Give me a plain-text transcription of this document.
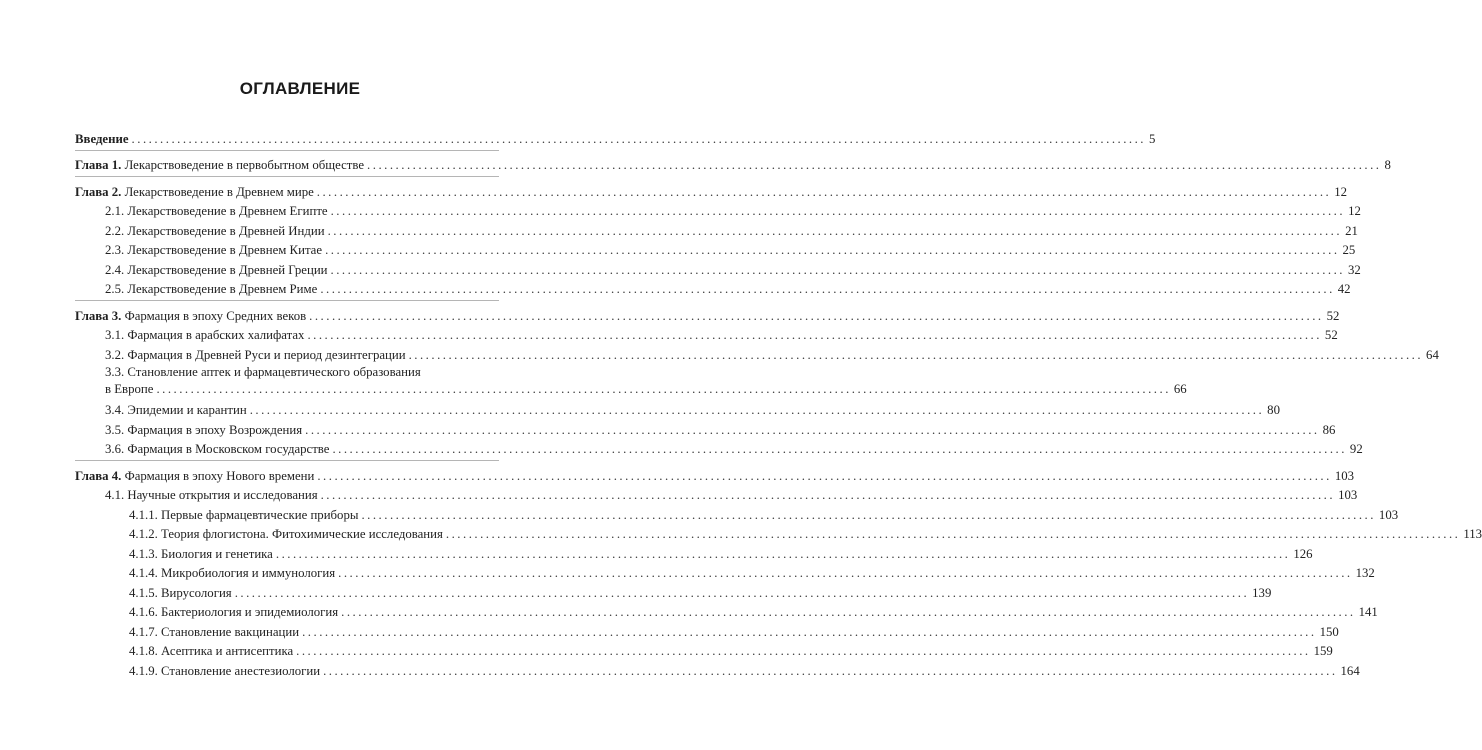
ОГЛАВЛЕНИЕ
Введение .................................................................................................................................................................................. 5
Глава 1. Лекарствоведение в первобытном обществе .................................................................................................................................................................................. 8
Глава 2. Лекарствоведение в Древнем мире .................................................................................................................................................................................. 12
2.1. Лекарствоведение в Древнем Египте .................................................................................................................................................................................. 12
2.2. Лекарствоведение в Древней Индии .................................................................................................................................................................................. 21
2.3. Лекарствоведение в Древнем Китае .................................................................................................................................................................................. 25
2.4. Лекарствоведение в Древней Греции .................................................................................................................................................................................. 32
2.5. Лекарствоведение в Древнем Риме .................................................................................................................................................................................. 42
Глава 3. Фармация в эпоху Средних веков .................................................................................................................................................................................. 52
3.1. Фармация в арабских халифатах .................................................................................................................................................................................. 52
3.2. Фармация в Древней Руси и период дезинтеграции .................................................................................................................................................................................. 64
3.3. Становление аптек и фармацевтического образования
в Европе .................................................................................................................................................................................. 66
3.4. Эпидемии и карантин .................................................................................................................................................................................. 80
3.5. Фармация в эпоху Возрождения .................................................................................................................................................................................. 86
3.6. Фармация в Московском государстве .................................................................................................................................................................................. 92
Глава 4. Фармация в эпоху Нового времени .................................................................................................................................................................................. 103
4.1. Научные открытия и исследования .................................................................................................................................................................................. 103
4.1.1. Первые фармацевтические приборы .................................................................................................................................................................................. 103
4.1.2. Теория флогистона. Фитохимические исследования .................................................................................................................................................................................. 113
4.1.3. Биология и генетика .................................................................................................................................................................................. 126
4.1.4. Микробиология и иммунология .................................................................................................................................................................................. 132
4.1.5. Вирусология .................................................................................................................................................................................. 139
4.1.6. Бактериология и эпидемиология .................................................................................................................................................................................. 141
4.1.7. Становление вакцинации .................................................................................................................................................................................. 150
4.1.8. Асептика и антисептика .................................................................................................................................................................................. 159
4.1.9. Становление анестезиологии .................................................................................................................................................................................. 164
